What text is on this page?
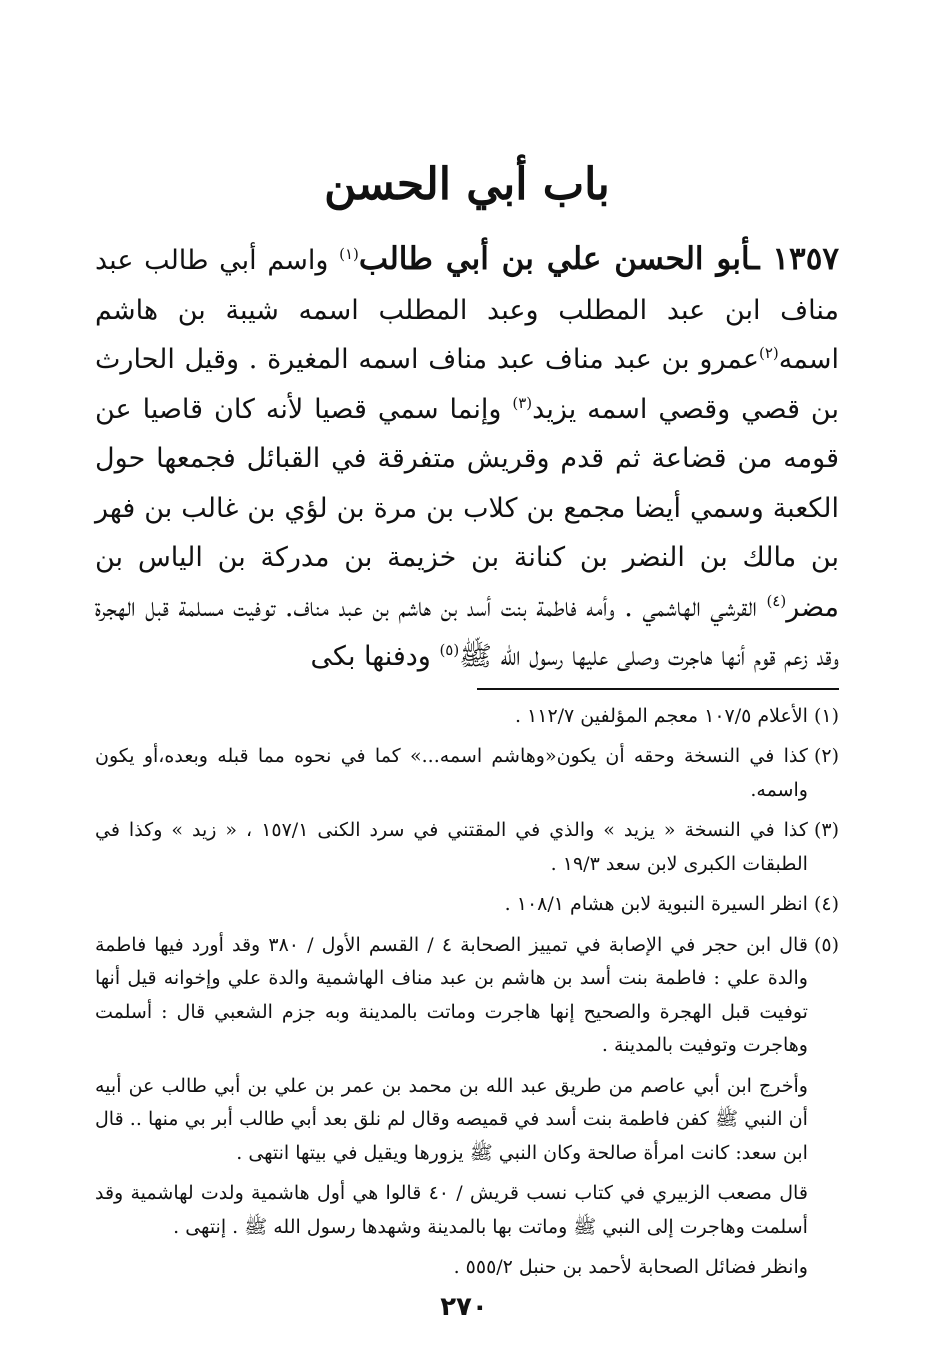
باب أبي الحسن

١٣٥٧ ـأبو الحسن علي بن أبي طالب$^{(١)}$ واسم أبي طالب عبد مناف ابن عبد المطلب وعبد المطلب اسمه شيبة بن هاشم اسمه$^{(٢)}$عمرو بن عبد مناف عبد مناف اسمه المغيرة . وقيل الحارث بن قصي وقصي اسمه يزيد$^{(٣)}$ وإنما سمي قصيا لأنه كان قاصيا عن قومه من قضاعة ثم قدم وقريش متفرقة في القبائل فجمعها حول الكعبة وسمي أيضا مجمع بن كلاب بن مرة بن لؤي بن غالب بن فهر بن مالك بن النضر بن كنانة بن خزيمة بن مدركة بن الياس بن مضر$^{(٤)}$ القرشي الهاشمي . وأمه فاطمة بنت أسد بن هاشم بن عبد مناف. توفيت مسلمة قبل الهجرة وقد زعم قوم أنها هاجرت وصلى عليها رسول الله ﷺ$^{(٥)}$ ودفنها بكى

(١)

الأعلام ١٠٧/٥ معجم المؤلفين ١١٢/٧ .

(٢)

كذا في النسخة وحقه أن يكون«وهاشم اسمه...» كما في نحوه مما قبله وبعده،أو يكون واسمه.

(٣)

كذا في النسخة « يزيد » والذي في المقتني في سرد الكنى ١٥٧/١ ، « زيد » وكذا في الطبقات الكبرى لابن سعد ١٩/٣ .

(٤)

انظر السيرة النبوية لابن هشام ١٠٨/١ .

(٥)

قال ابن حجر في الإصابة في تمييز الصحابة ٤ / القسم الأول / ٣٨٠ وقد أورد فيها فاطمة والدة علي : فاطمة بنت أسد بن هاشم بن عبد مناف الهاشمية والدة علي وإخوانه قيل أنها توفيت قبل الهجرة والصحيح إنها هاجرت وماتت بالمدينة وبه جزم الشعبي قال : أسلمت وهاجرت وتوفيت بالمدينة .

وأخرج ابن أبي عاصم من طريق عبد الله بن محمد بن عمر بن علي بن أبي طالب عن أبيه أن النبي ﷺ كفن فاطمة بنت أسد في قميصه وقال لم نلق بعد أبي طالب أبر بي منها .. قال ابن سعد: كانت امرأة صالحة وكان النبي ﷺ يزورها ويقيل في بيتها انتهى .

قال مصعب الزبيري في كتاب نسب قريش / ٤٠ قالوا هي أول هاشمية ولدت لهاشمية وقد أسلمت وهاجرت إلى النبي ﷺ وماتت بها بالمدينة وشهدها رسول الله ﷺ . إنتهى .

وانظر فضائل الصحابة لأحمد بن حنبل ٥٥٥/٢ .

٢٧٠
